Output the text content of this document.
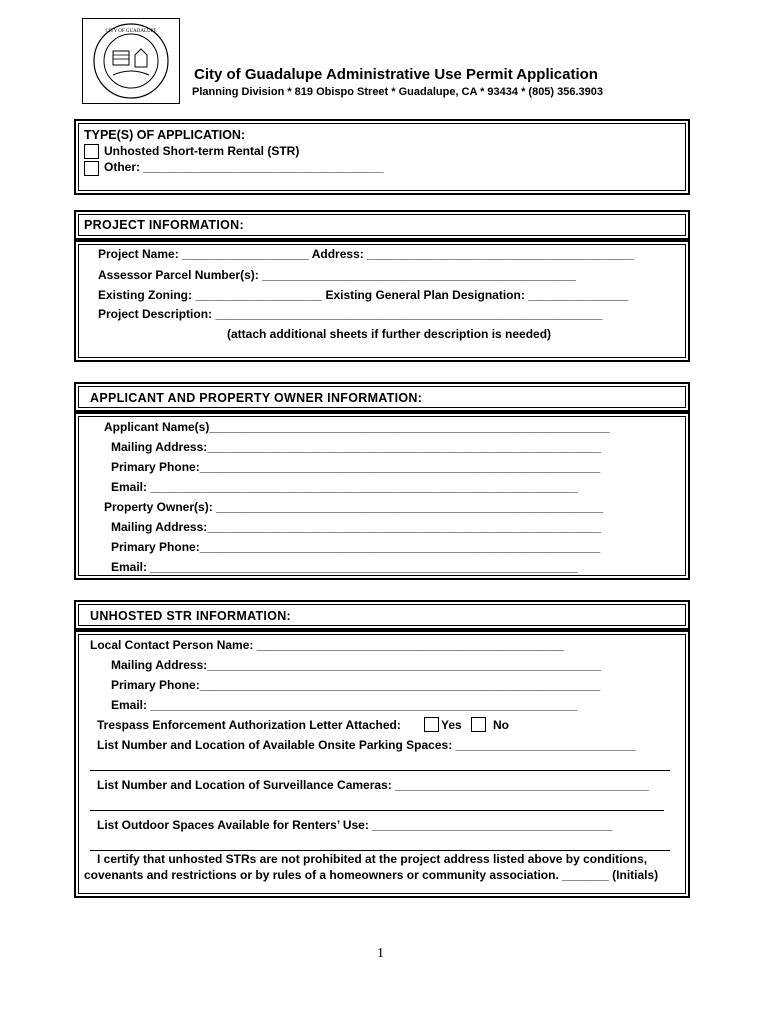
CITY OF GUADALUPE
City of Guadalupe Administrative Use Permit Application
Planning Division * 819 Obispo Street * Guadalupe, CA * 93434 * (805) 356.3903
TYPE(S) OF APPLICATION:
Unhosted Short-term Rental (STR)
Other: ____________________________________
PROJECT INFORMATION:
Project Name: ___________________ Address: ________________________________________
Assessor Parcel Number(s): _______________________________________________
Existing Zoning: ___________________ Existing General Plan Designation: _______________
Project Description: __________________________________________________________
(attach additional sheets if further description is needed)
APPLICANT AND PROPERTY OWNER INFORMATION:
Applicant Name(s)____________________________________________________________
Mailing Address:___________________________________________________________
Primary Phone:____________________________________________________________
Email: ________________________________________________________________
Property Owner(s): __________________________________________________________
Mailing Address:___________________________________________________________
Primary Phone:____________________________________________________________
Email: ________________________________________________________________
UNHOSTED STR INFORMATION:
Local Contact Person Name: ______________________________________________
Mailing Address:___________________________________________________________
Primary Phone:____________________________________________________________
Email: ________________________________________________________________
Trespass Enforcement Authorization Letter Attached:	Yes	No
List Number and Location of Available Onsite Parking Spaces: ___________________________
List Number and Location of Surveillance Cameras: ______________________________________
List Outdoor Spaces Available for Renters’ Use: ____________________________________
I certify that unhosted STRs are not prohibited at the project address listed above by conditions,
covenants and restrictions or by rules of a homeowners or community association. _______ (Initials)
1
